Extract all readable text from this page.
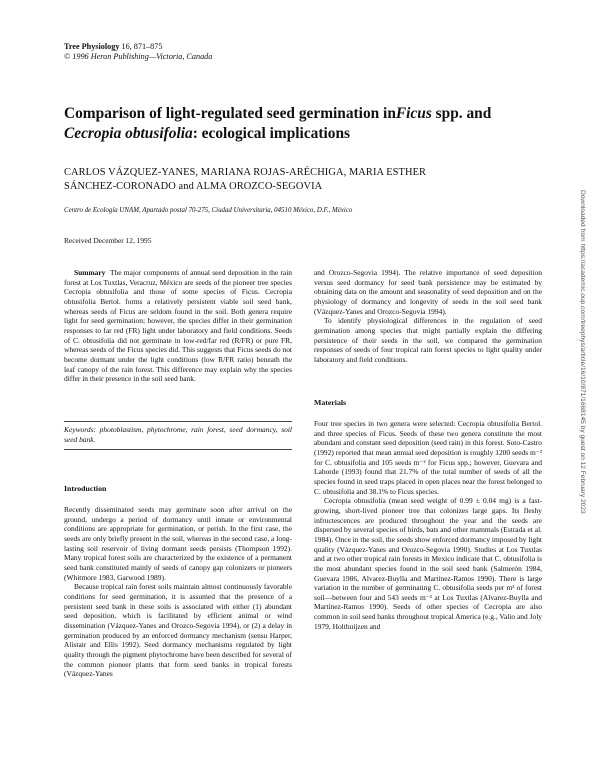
Tree Physiology 16, 871–875
© 1996 Heron Publishing—Victoria, Canada
Comparison of light-regulated seed germination inFicus spp. and
Cecropia obtusifolia: ecological implications
CARLOS VÁZQUEZ-YANES, MARIANA ROJAS-ARÉCHIGA, MARIA ESTHER
SÁNCHEZ-CORONADO and ALMA OROZCO-SEGOVIA
Centro de Ecología UNAM, Apartado postal 70-275, Ciudad Universitaria, 04510 México, D.F., México
Received December 12, 1995

Summary The major components of annual seed deposition in the rain forest at Los Tuxtlas, Veracruz, México are seeds of the pioneer tree species Cecropia obtusifolia and those of some species of Ficus. Cecropia obtusifolia Bertol. forms a relatively persistent viable soil seed bank, whereas seeds of Ficus are seldom found in the soil. Both genera require light for seed germination; however, the species differ in their germination responses to far red (FR) light under laboratory and field conditions. Seeds of C. obtusifolia did not germinate in low-red/far red (R/FR) or pure FR, whereas seeds of the Ficus species did. This suggests that Ficus seeds do not become dormant under the light conditions (low R/FR ratio) beneath the leaf canopy of the rain forest. This difference may explain why the species differ in their presence in the soil seed bank.

Keywords: photoblastism, phytochrome, rain forest, seed dormancy, soil seed bank.

Introduction

Recently disseminated seeds may germinate soon after arrival on the ground, undergo a period of dormancy until innate or environmental conditions are appropriate for germination, or perish. In the first case, the seeds are only briefly present in the soil, whereas in the second case, a long-lasting soil reservoir of living dormant seeds persists (Thompson 1992). Many tropical forest soils are characterized by the existence of a permanent seed bank constituted mainly of seeds of canopy gap colonizers or pioneers (Whitmore 1983, Garwood 1989).

Because tropical rain forest soils maintain almost continuously favorable conditions for seed germination, it is assumed that the presence of a persistent seed bank in these soils is associated with either (1) abundant seed deposition, which is facilitated by efficient animal or wind dissemination (Vázquez-Yanes and Orozco-Segovia 1994), or (2) a delay in germination produced by an enforced dormancy mechanism (sensu Harper, Alistair and Ellis 1992). Seed dormancy mechanisms regulated by light quality through the pigment phytochrome have been described for several of the common pioneer plants that form seed banks in tropical forests (Vázquez-Yanes

and Orozco-Segovia 1994). The relative importance of seed deposition versus seed dormancy for seed bank persistence may be estimated by obtaining data on the amount and seasonality of seed deposition and on the physiology of dormancy and longevity of seeds in the soil seed bank (Vázquez-Yanes and Orozco-Segovia 1994).

To identify physiological differences in the regulation of seed germination among species that might partially explain the differing persistence of their seeds in the soil, we compared the germination responses of seeds of four tropical rain forest species to light quality under laboratory and field conditions.

Materials

Four tree species in two genera were selected: Cecropia obtusifolia Bertol. and three species of Ficus. Seeds of these two genera constitute the most abundant and constant seed deposition (seed rain) in this forest. Soto-Castro (1992) reported that mean annual seed deposition is roughly 1200 seeds m⁻² for C. obtusifolia and 105 seeds m⁻² for Ficus spp.; however, Guevara and Laborde (1993) found that 21.7% of the total number of seeds of all the species found in seed traps placed in open places near the forest belonged to C. obtusifolia and 38.1% to Ficus species.

Cecropia obtusifolia (mean seed weight of 0.99 ± 0.04 mg) is a fast-growing, short-lived pioneer tree that colonizes large gaps. Its fleshy infructescences are produced throughout the year and the seeds are dispersed by several species of birds, bats and other mammals (Estrada et al. 1984). Once in the soil, the seeds show enforced dormancy imposed by light quality (Vázquez-Yanes and Orozco-Segovia 1990). Studies at Los Tuxtlas and at two other tropical rain forests in Mexico indicate that C. obtusifolia is the most abundant species found in the soil seed bank (Salmerón 1984, Guevara 1986, Alvarez-Buylla and Martínez-Ramos 1990). There is large variation in the number of germinating C. obtusifolia seeds per m² of forest soil—between four and 543 seeds m⁻² at Los Tuxtlas (Alvarez-Buylla and Martínez-Ramos 1990). Seeds of other species of Cecropia are also common in soil seed banks throughout tropical America (e.g., Valio and Joly 1979, Holthuijzen and

Downloaded from https://academic.oup.com/treephys/article/16/10/871/1668145 by guest on 12 February 2023
